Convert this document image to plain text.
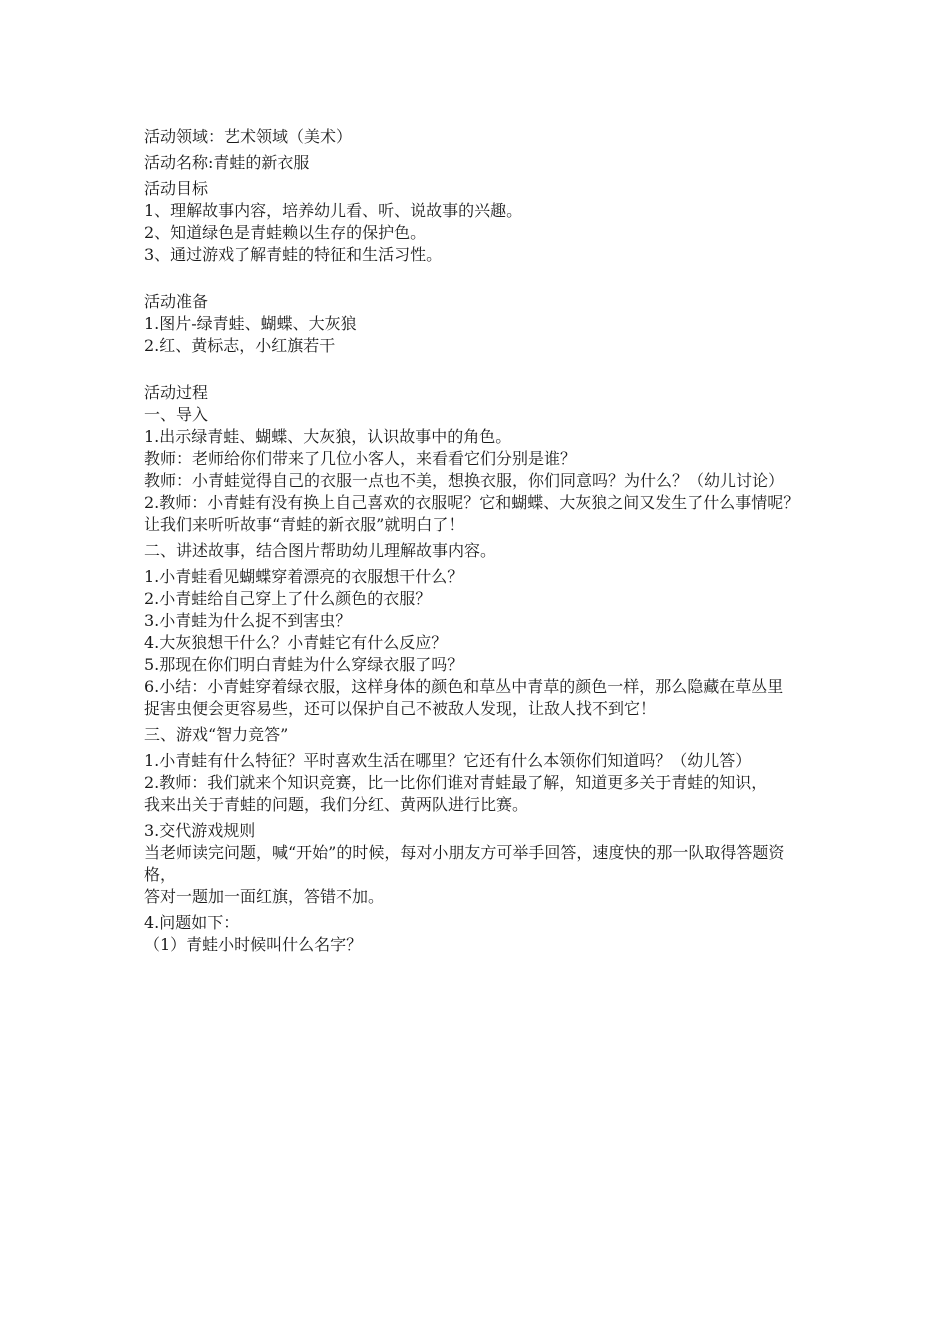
活动领域：艺术领域（美术）
活动名称:青蛙的新衣服
活动目标
1、理解故事内容，培养幼儿看、听、说故事的兴趣。
2、知道绿色是青蛙赖以生存的保护色。
3、通过游戏了解青蛙的特征和生活习性。
活动准备
1.图片-绿青蛙、蝴蝶、大灰狼
2.红、黄标志，小红旗若干
活动过程
一、导入
1.出示绿青蛙、蝴蝶、大灰狼，认识故事中的角色。
教师：老师给你们带来了几位小客人，来看看它们分别是谁？
教师：小青蛙觉得自己的衣服一点也不美，想换衣服，你们同意吗？为什么？（幼儿讨论）
2.教师：小青蛙有没有换上自己喜欢的衣服呢？它和蝴蝶、大灰狼之间又发生了什么事情呢？
让我们来听听故事“青蛙的新衣服”就明白了！
二、讲述故事，结合图片帮助幼儿理解故事内容。
1.小青蛙看见蝴蝶穿着漂亮的衣服想干什么？
2.小青蛙给自己穿上了什么颜色的衣服？
3.小青蛙为什么捉不到害虫？
4.大灰狼想干什么？小青蛙它有什么反应？
5.那现在你们明白青蛙为什么穿绿衣服了吗？
6.小结：小青蛙穿着绿衣服，这样身体的颜色和草丛中青草的颜色一样，那么隐藏在草丛里
捉害虫便会更容易些，还可以保护自己不被敌人发现，让敌人找不到它！
三、游戏“智力竞答”
1.小青蛙有什么特征？平时喜欢生活在哪里？它还有什么本领你们知道吗？（幼儿答）
2.教师：我们就来个知识竞赛，比一比你们谁对青蛙最了解，知道更多关于青蛙的知识，
我来出关于青蛙的问题，我们分红、黄两队进行比赛。
3.交代游戏规则
当老师读完问题，喊“开始”的时候，每对小朋友方可举手回答，速度快的那一队取得答题资格，
答对一题加一面红旗，答错不加。
4.问题如下：
（1）青蛙小时候叫什么名字？
